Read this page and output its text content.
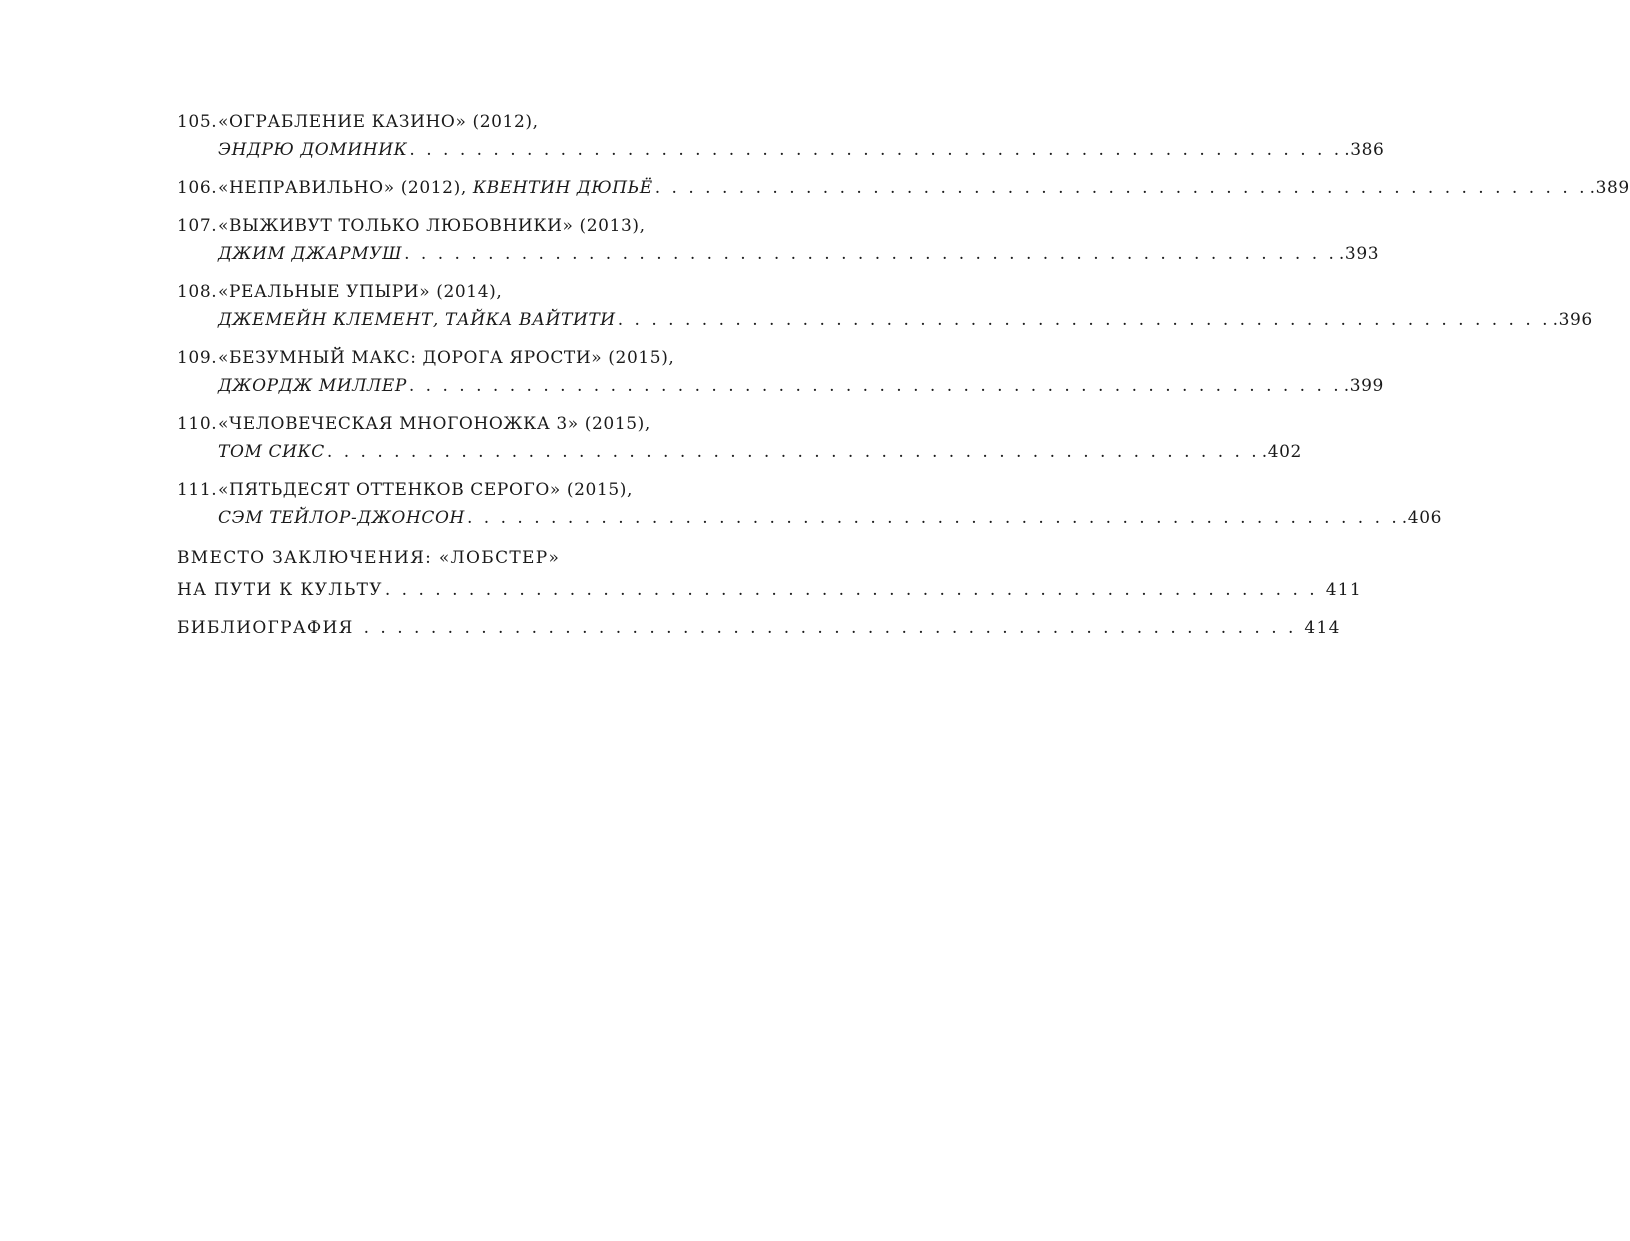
105. «ОГРАБЛЕНИЕ КАЗИНО» (2012),
ЭНДРЮ ДОМИНИК . . . . . . . . . . . . . . . . . . . . . . . . . . . . . . . . . . . . . . . . . . . . . . . . . . . . . . . . .386
106. «НЕПРАВИЛЬНО» (2012), КВЕНТИН ДЮПЬЁ . . . . . . . . . . . . . . . . . . . . . . . . . . . . . . . . . . . . . . . . . . . . . . . . . . . . . . . . .389
107. «ВЫЖИВУТ ТОЛЬКО ЛЮБОВНИКИ» (2013),
ДЖИМ ДЖАРМУШ . . . . . . . . . . . . . . . . . . . . . . . . . . . . . . . . . . . . . . . . . . . . . . . . . . . . . . . . .393
108. «РЕАЛЬНЫЕ УПЫРИ» (2014),
ДЖЕМЕЙН КЛЕМЕНТ, ТАЙКА ВАЙТИТИ . . . . . . . . . . . . . . . . . . . . . . . . . . . . . . . . . . . . . . . . . . . . . . . . . . . . . . . . .396
109. «БЕЗУМНЫЙ МАКС: ДОРОГА ЯРОСТИ» (2015),
ДЖОРДЖ МИЛЛЕР . . . . . . . . . . . . . . . . . . . . . . . . . . . . . . . . . . . . . . . . . . . . . . . . . . . . . . . . .399
110. «ЧЕЛОВЕЧЕСКАЯ МНОГОНОЖКА 3» (2015),
ТОМ СИКС . . . . . . . . . . . . . . . . . . . . . . . . . . . . . . . . . . . . . . . . . . . . . . . . . . . . . . . . .402
111. «ПЯТЬДЕСЯТ ОТТЕНКОВ СЕРОГО» (2015),
СЭМ ТЕЙЛОР-ДЖОНСОН . . . . . . . . . . . . . . . . . . . . . . . . . . . . . . . . . . . . . . . . . . . . . . . . . . . . . . . . .406
ВМЕСТО ЗАКЛЮЧЕНИЯ: «ЛОБСТЕР»
НА ПУТИ К КУЛЬТУ . . . . . . . . . . . . . . . . . . . . . . . . . . . . . . . . . . . . . . . . . . . . . . . . . . . . . . . . 411
БИБЛИОГРАФИЯ . . . . . . . . . . . . . . . . . . . . . . . . . . . . . . . . . . . . . . . . . . . . . . . . . . . . . . . . 414
